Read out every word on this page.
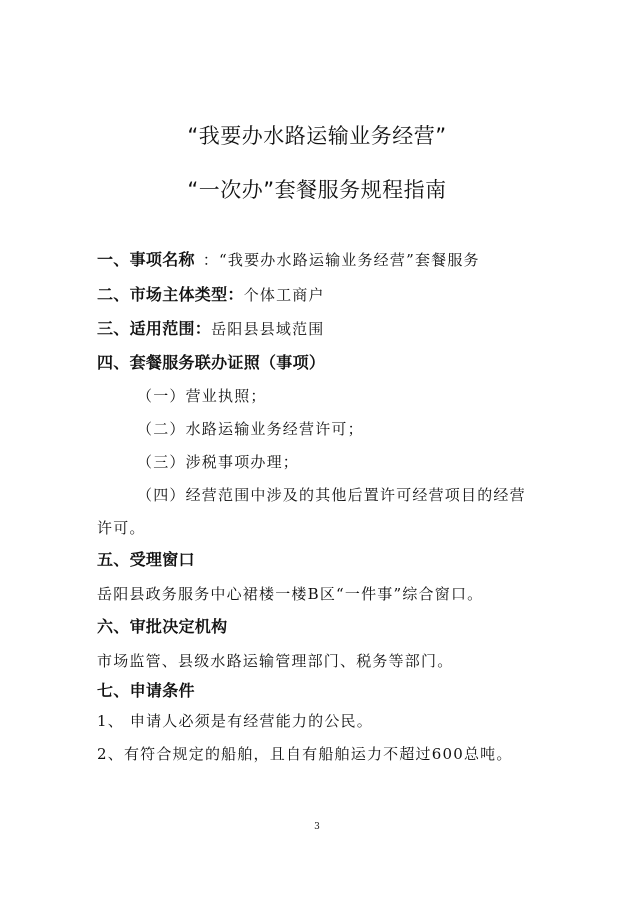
“我要办水路运输业务经营”
“一次办”套餐服务规程指南
一、事项名称 ：“我要办水路运输业务经营”套餐服务
二、市场主体类型：个体工商户
三、适用范围：岳阳县县域范围
四、套餐服务联办证照（事项）
（一）营业执照；
（二）水路运输业务经营许可；
（三）涉税事项办理；
（四）经营范围中涉及的其他后置许可经营项目的经营
许可。
五、受理窗口
岳阳县政务服务中心裙楼一楼B区“一件事”综合窗口。
六、审批决定机构
市场监管、县级水路运输管理部门、税务等部门。
七、申请条件
1、 申请人必须是有经营能力的公民。
2、有符合规定的船舶，且自有船舶运力不超过600总吨。
3
